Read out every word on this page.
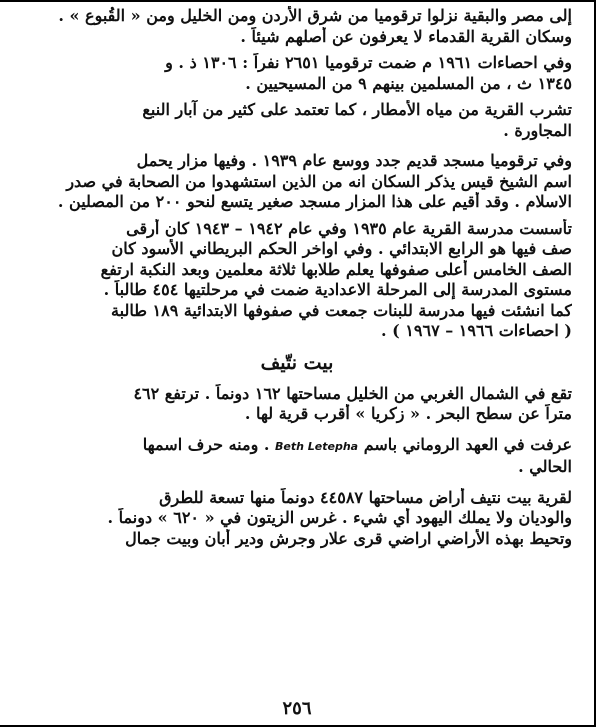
إلى مصر والبقية نزلوا ترقوميا من شرق الأردن ومن الخليل ومن « القُبوع » .
وسكان القرية القدماء لا يعرفون عن أصلهم شيئاً .

وفي احصاءات ١٩٦١ م ضمت ترقوميا ٢٦٥١ نفراً : ١٣٠٦ ذ . و
١٣٤٥ ث ، من المسلمين بينهم ٩ من المسيحيين .

تشرب القرية من مياه الأمطار ، كما تعتمد على كثير من آبار النبع
المجاورة .

وفي ترقوميا مسجد قديم جدد ووسع عام ١٩٣٩ . وفيها مزار يحمل
اسم الشيخ قيس يذكر السكان انه من الذين استشهدوا من الصحابة في صدر
الاسلام . وقد أقيم على هذا المزار مسجد صغير يتسع لنحو ٢٠٠ من المصلين .

تأسست مدرسة القرية عام ١٩٣٥ وفي عام ١٩٤٢ – ١٩٤٣ كان أرقى
صف فيها هو الرابع الابتدائي . وفي اواخر الحكم البريطاني الأسود كان
الصف الخامس أعلى صفوفها يعلم طلابها ثلاثة معلمين وبعد النكبة ارتفع
مستوى المدرسة إلى المرحلة الاعدادية ضمت في مرحلتيها ٤٥٤ طالباً .
كما انشئت فيها مدرسة للبنات جمعت في صفوفها الابتدائية ١٨٩ طالبة
( احصاءات ١٩٦٦ – ١٩٦٧ ) .

بيت نتّيف

تقع في الشمال الغربي من الخليل مساحتها ١٦٢ دونماً . ترتفع ٤٦٢
متراً عن سطح البحر . « زكريا » أقرب قرية لها .

عرفت في العهد الروماني باسم Beth Letepha . ومنه حرف اسمها
الحالي .

لقرية بيت نتيف أراض مساحتها ٤٤٥٨٧ دونماً منها تسعة للطرق
والوديان ولا يملك اليهود أي شيء . غرس الزيتون في « ٦٢٠ » دونماً .
وتحيط بهذه الأراضي اراضي قرى علار وجرش ودير أبان وبيت جمال

٢٥٦
